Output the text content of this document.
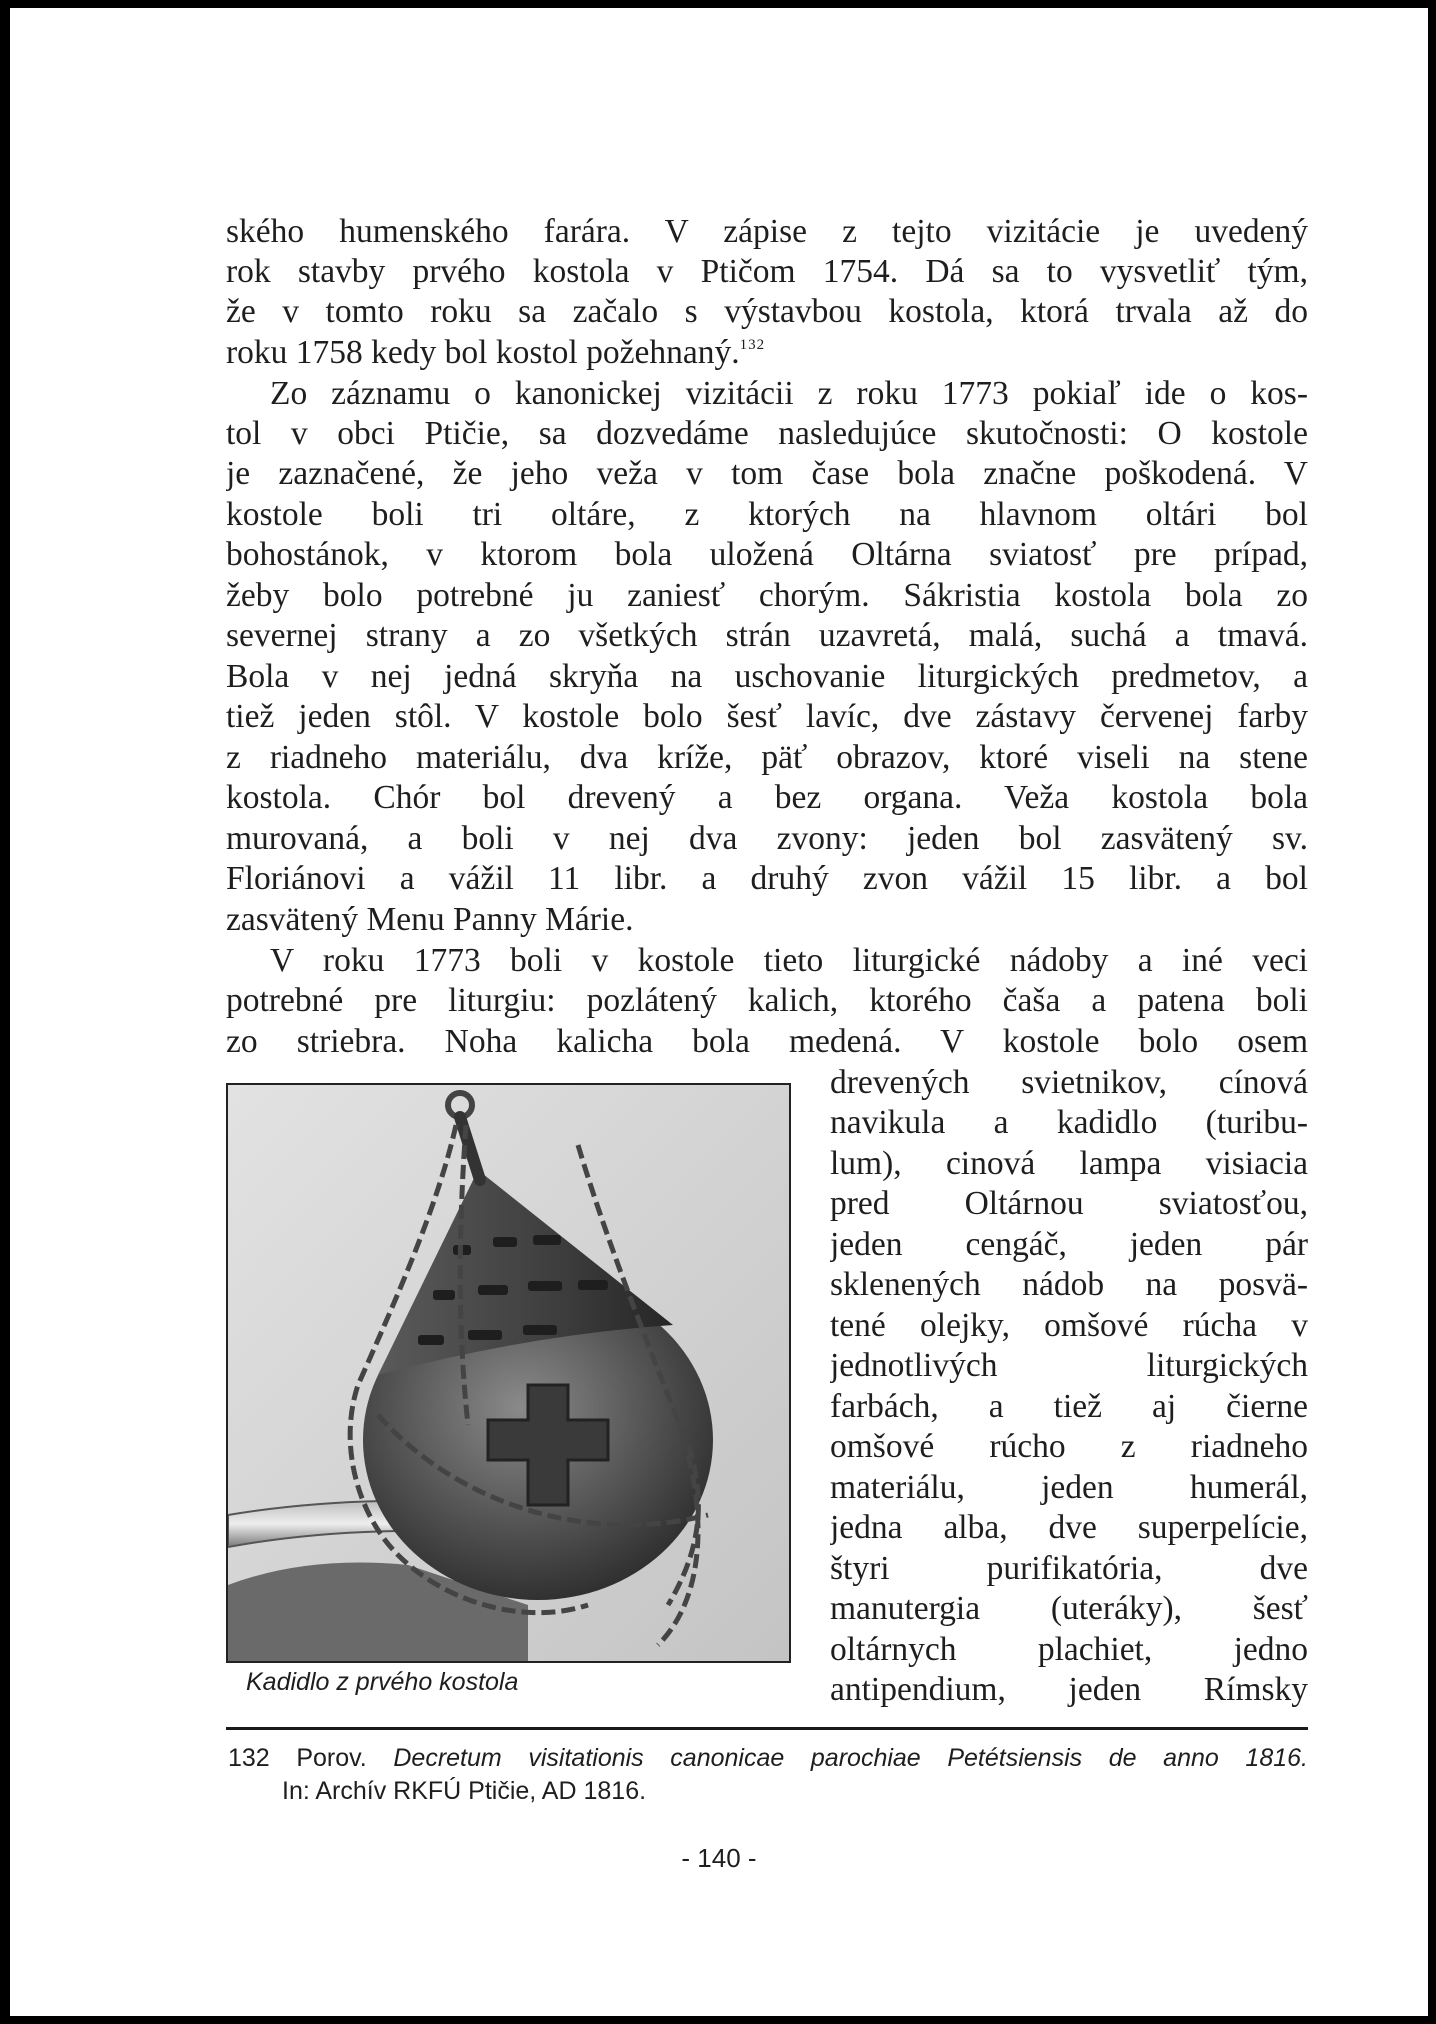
ského humenského farára. V zápise z tejto vizitácie je uvedený
rok stavby prvého kostola v Ptičom 1754. Dá sa to vysvetliť tým,
že v tomto roku sa začalo s výstavbou kostola, ktorá trvala až do
roku 1758 kedy bol kostol požehnaný.$^{132}$
Zo záznamu o kanonickej vizitácii z roku 1773 pokiaľ ide o kos-
tol v obci Ptičie, sa dozvedáme nasledujúce skutočnosti: O kostole
je zaznačené, že jeho veža v tom čase bola značne poškodená. V
kostole boli tri oltáre, z ktorých na hlavnom oltári bol
bohostánok, v ktorom bola uložená Oltárna sviatosť pre prípad,
žeby bolo potrebné ju zaniesť chorým. Sákristia kostola bola zo
severnej strany a zo všetkých strán uzavretá, malá, suchá a tmavá.
Bola v nej jedná skryňa na uschovanie liturgických predmetov, a
tiež jeden stôl. V kostole bolo šesť lavíc, dve zástavy červenej farby
z riadneho materiálu, dva kríže, päť obrazov, ktoré viseli na stene
kostola. Chór bol drevený a bez organa. Veža kostola bola
murovaná, a boli v nej dva zvony: jeden bol zasvätený sv.
Floriánovi a vážil 11 libr. a druhý zvon vážil 15 libr. a bol
zasvätený Menu Panny Márie.
V roku 1773 boli v kostole tieto liturgické nádoby a iné veci
potrebné pre liturgiu: pozlátený kalich, ktorého čaša a patena boli
zo striebra. Noha kalicha bola medená. V kostole bolo osem
drevených svietnikov, cínová
navikula a kadidlo (turibu-
lum), cinová lampa visiacia
pred Oltárnou sviatosťou,
jeden cengáč, jeden pár
sklenených nádob na posvä-
tené olejky, omšové rúcha v
jednotlivých liturgických
farbách, a tiež aj čierne
omšové rúcho z riadneho
materiálu, jeden humerál,
jedna alba, dve superpelície,
štyri purifikatória, dve
manutergia (uteráky), šesť
oltárnych plachiet, jedno
antipendium, jeden Rímsky
Kadidlo z prvého kostola
132 Porov. Decretum visitationis canonicae parochiae Petétsiensis de anno 1816.
In: Archív RKFÚ Ptičie, AD 1816.
- 140 -
